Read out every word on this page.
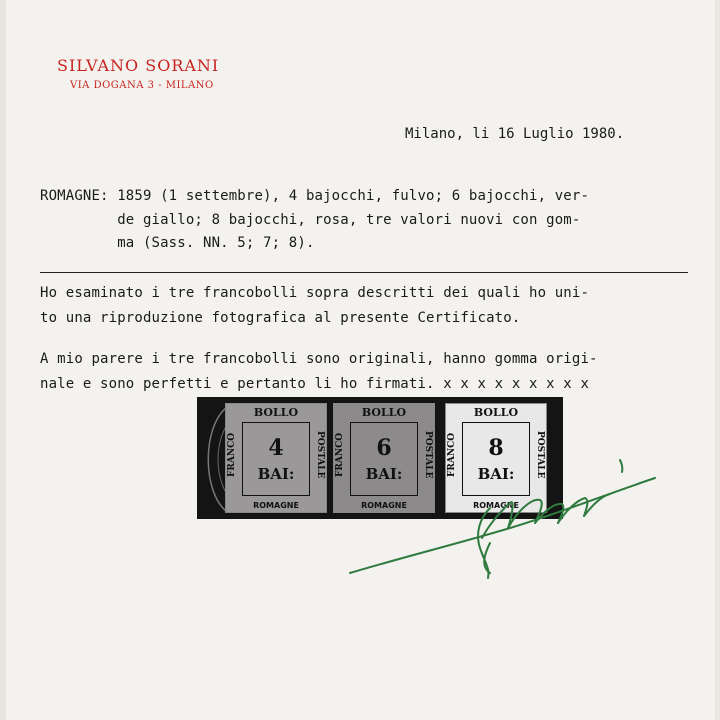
SILVANO SORANI
VIA DOGANA 3 - MILANO
Milano, li 16 Luglio 1980.
ROMAGNE: 1859 (1 settembre), 4 bajocchi, fulvo; 6 bajocchi, ver-
de giallo; 8 bajocchi, rosa, tre valori nuovi con gom-
ma (Sass. NN. 5; 7; 8).
Ho esaminato i tre francobolli sopra descritti dei quali ho uni-
to una riproduzione fotografica al presente Certificato.
A mio parere i tre francobolli sono originali, hanno gomma origi-
nale e sono perfetti e pertanto li ho firmati. x x x x x x x x x
BOLLO
FRANCO	POSTALE
4
BAI:
ROMAGNE
BOLLO
FRANCO	POSTALE
6
BAI:
ROMAGNE
BOLLO
FRANCO	POSTALE
8
BAI:
ROMAGNE
